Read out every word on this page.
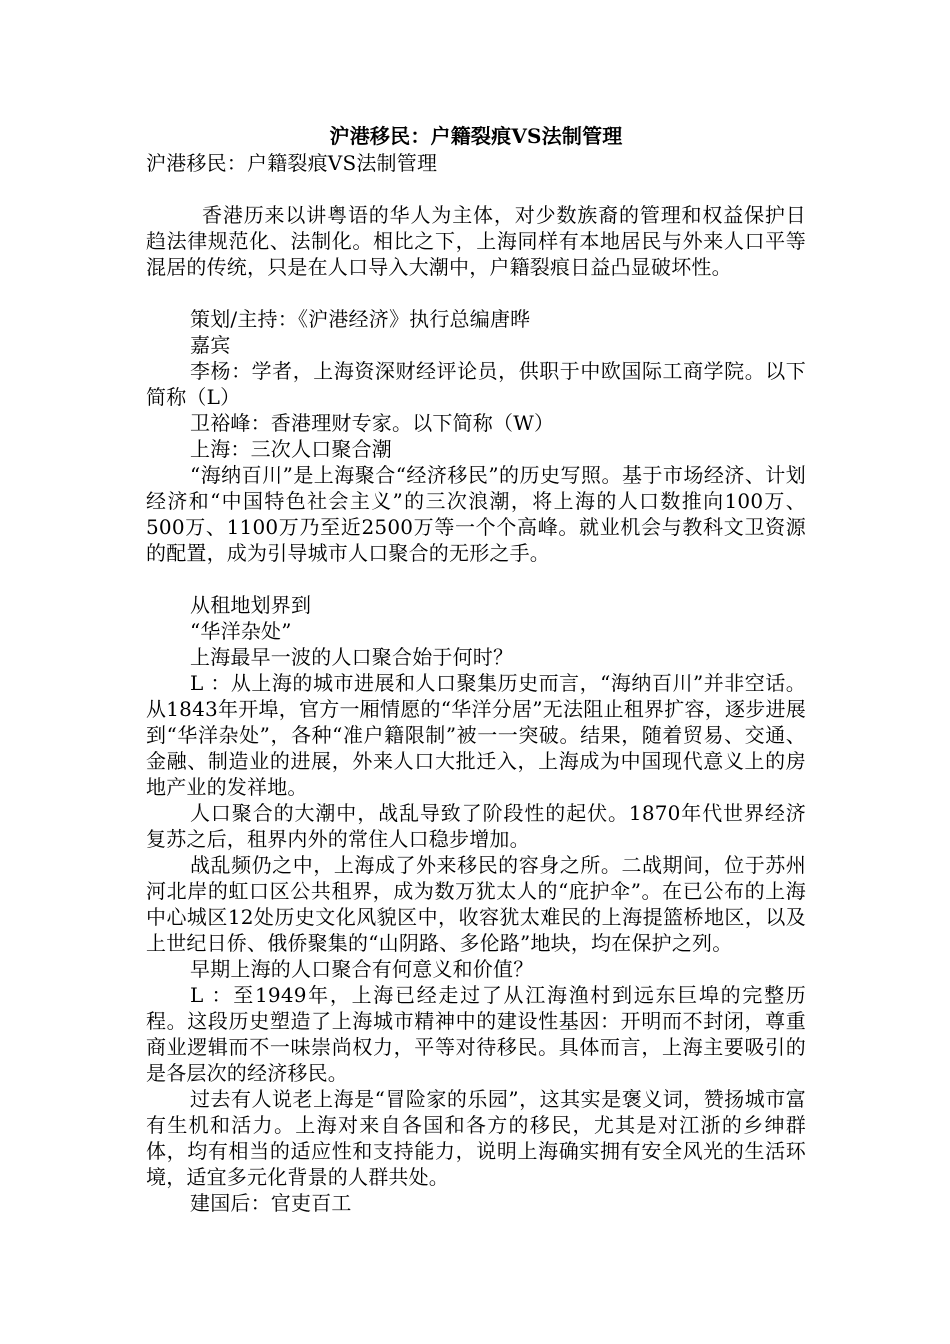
沪港移民：户籍裂痕VS法制管理

沪港移民：户籍裂痕VS法制管理

香港历来以讲粤语的华人为主体，对少数族裔的管理和权益保护日趋法律规范化、法制化。相比之下，上海同样有本地居民与外来人口平等混居的传统，只是在人口导入大潮中，户籍裂痕日益凸显破坏性。

策划/主持：《沪港经济》执行总编唐晔

嘉宾

李杨：学者，上海资深财经评论员，供职于中欧国际工商学院。以下简称（L）

卫裕峰：香港理财专家。以下简称（W）

上海：三次人口聚合潮

“海纳百川”是上海聚合“经济移民”的历史写照。基于市场经济、计划经济和“中国特色社会主义”的三次浪潮，将上海的人口数推向100万、500万、1100万乃至近2500万等一个个高峰。就业机会与教科文卫资源的配置，成为引导城市人口聚合的无形之手。

从租地划界到

“华洋杂处”

上海最早一波的人口聚合始于何时？

L ：从上海的城市进展和人口聚集历史而言，“海纳百川”并非空话。从1843年开埠，官方一厢情愿的“华洋分居”无法阻止租界扩容，逐步进展到“华洋杂处”，各种“准户籍限制”被一一突破。结果，随着贸易、交通、金融、制造业的进展，外来人口大批迁入，上海成为中国现代意义上的房地产业的发祥地。

人口聚合的大潮中，战乱导致了阶段性的起伏。1870年代世界经济复苏之后，租界内外的常住人口稳步增加。

战乱频仍之中，上海成了外来移民的容身之所。二战期间，位于苏州河北岸的虹口区公共租界，成为数万犹太人的“庇护伞”。在已公布的上海中心城区12处历史文化风貌区中，收容犹太难民的上海提篮桥地区，以及上世纪日侨、俄侨聚集的“山阴路、多伦路”地块，均在保护之列。

早期上海的人口聚合有何意义和价值？

L ：至1949年，上海已经走过了从江海渔村到远东巨埠的完整历程。这段历史塑造了上海城市精神中的建设性基因：开明而不封闭，尊重商业逻辑而不一味崇尚权力，平等对待移民。具体而言，上海主要吸引的是各层次的经济移民。

过去有人说老上海是“冒险家的乐园”，这其实是褒义词，赞扬城市富有生机和活力。上海对来自各国和各方的移民，尤其是对江浙的乡绅群体，均有相当的适应性和支持能力，说明上海确实拥有安全风光的生活环境，适宜多元化背景的人群共处。

建国后：官吏百工
